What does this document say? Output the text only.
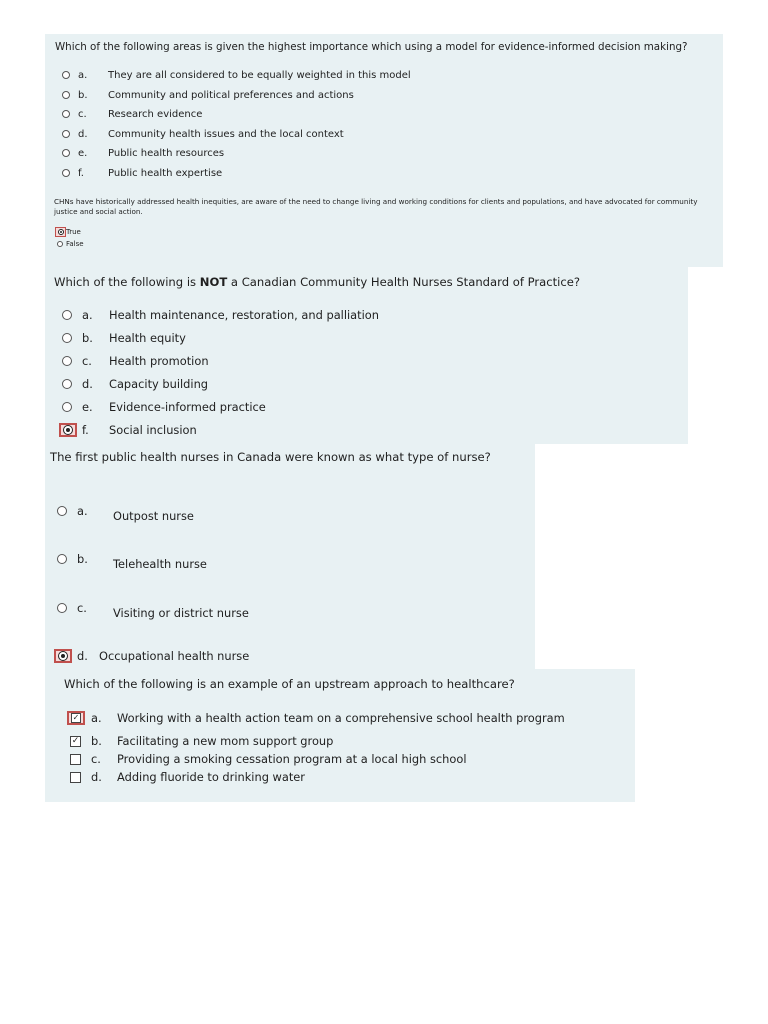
Which of the following areas is given the highest importance which using a model for evidence-informed decision making?
a.	They are all considered to be equally weighted in this model
b.	Community and political preferences and actions
c.	Research evidence
d.	Community health issues and the local context
e.	Public health resources
f.	Public health expertise
CHNs have historically addressed health inequities, are aware of the need to change living and working conditions for clients and populations, and have advocated for community justice and social action.
True
False
Which of the following is NOT a Canadian Community Health Nurses Standard of Practice?
a. Health maintenance, restoration, and palliation
b. Health equity
c.	Health promotion
d. Capacity building
e. Evidence-informed practice
f.	Social inclusion
The first public health nurses in Canada were known as what type of nurse?
a. Outpost nurse
b. Telehealth nurse
c. Visiting or district nurse
d. Occupational health nurse
Which of the following is an example of an upstream approach to healthcare?
✓	a. Working with a health action team on a comprehensive school health program
✓	b. Facilitating a new mom support group
c.	Providing a smoking cessation program at a local high school
d. Adding fluoride to drinking water
